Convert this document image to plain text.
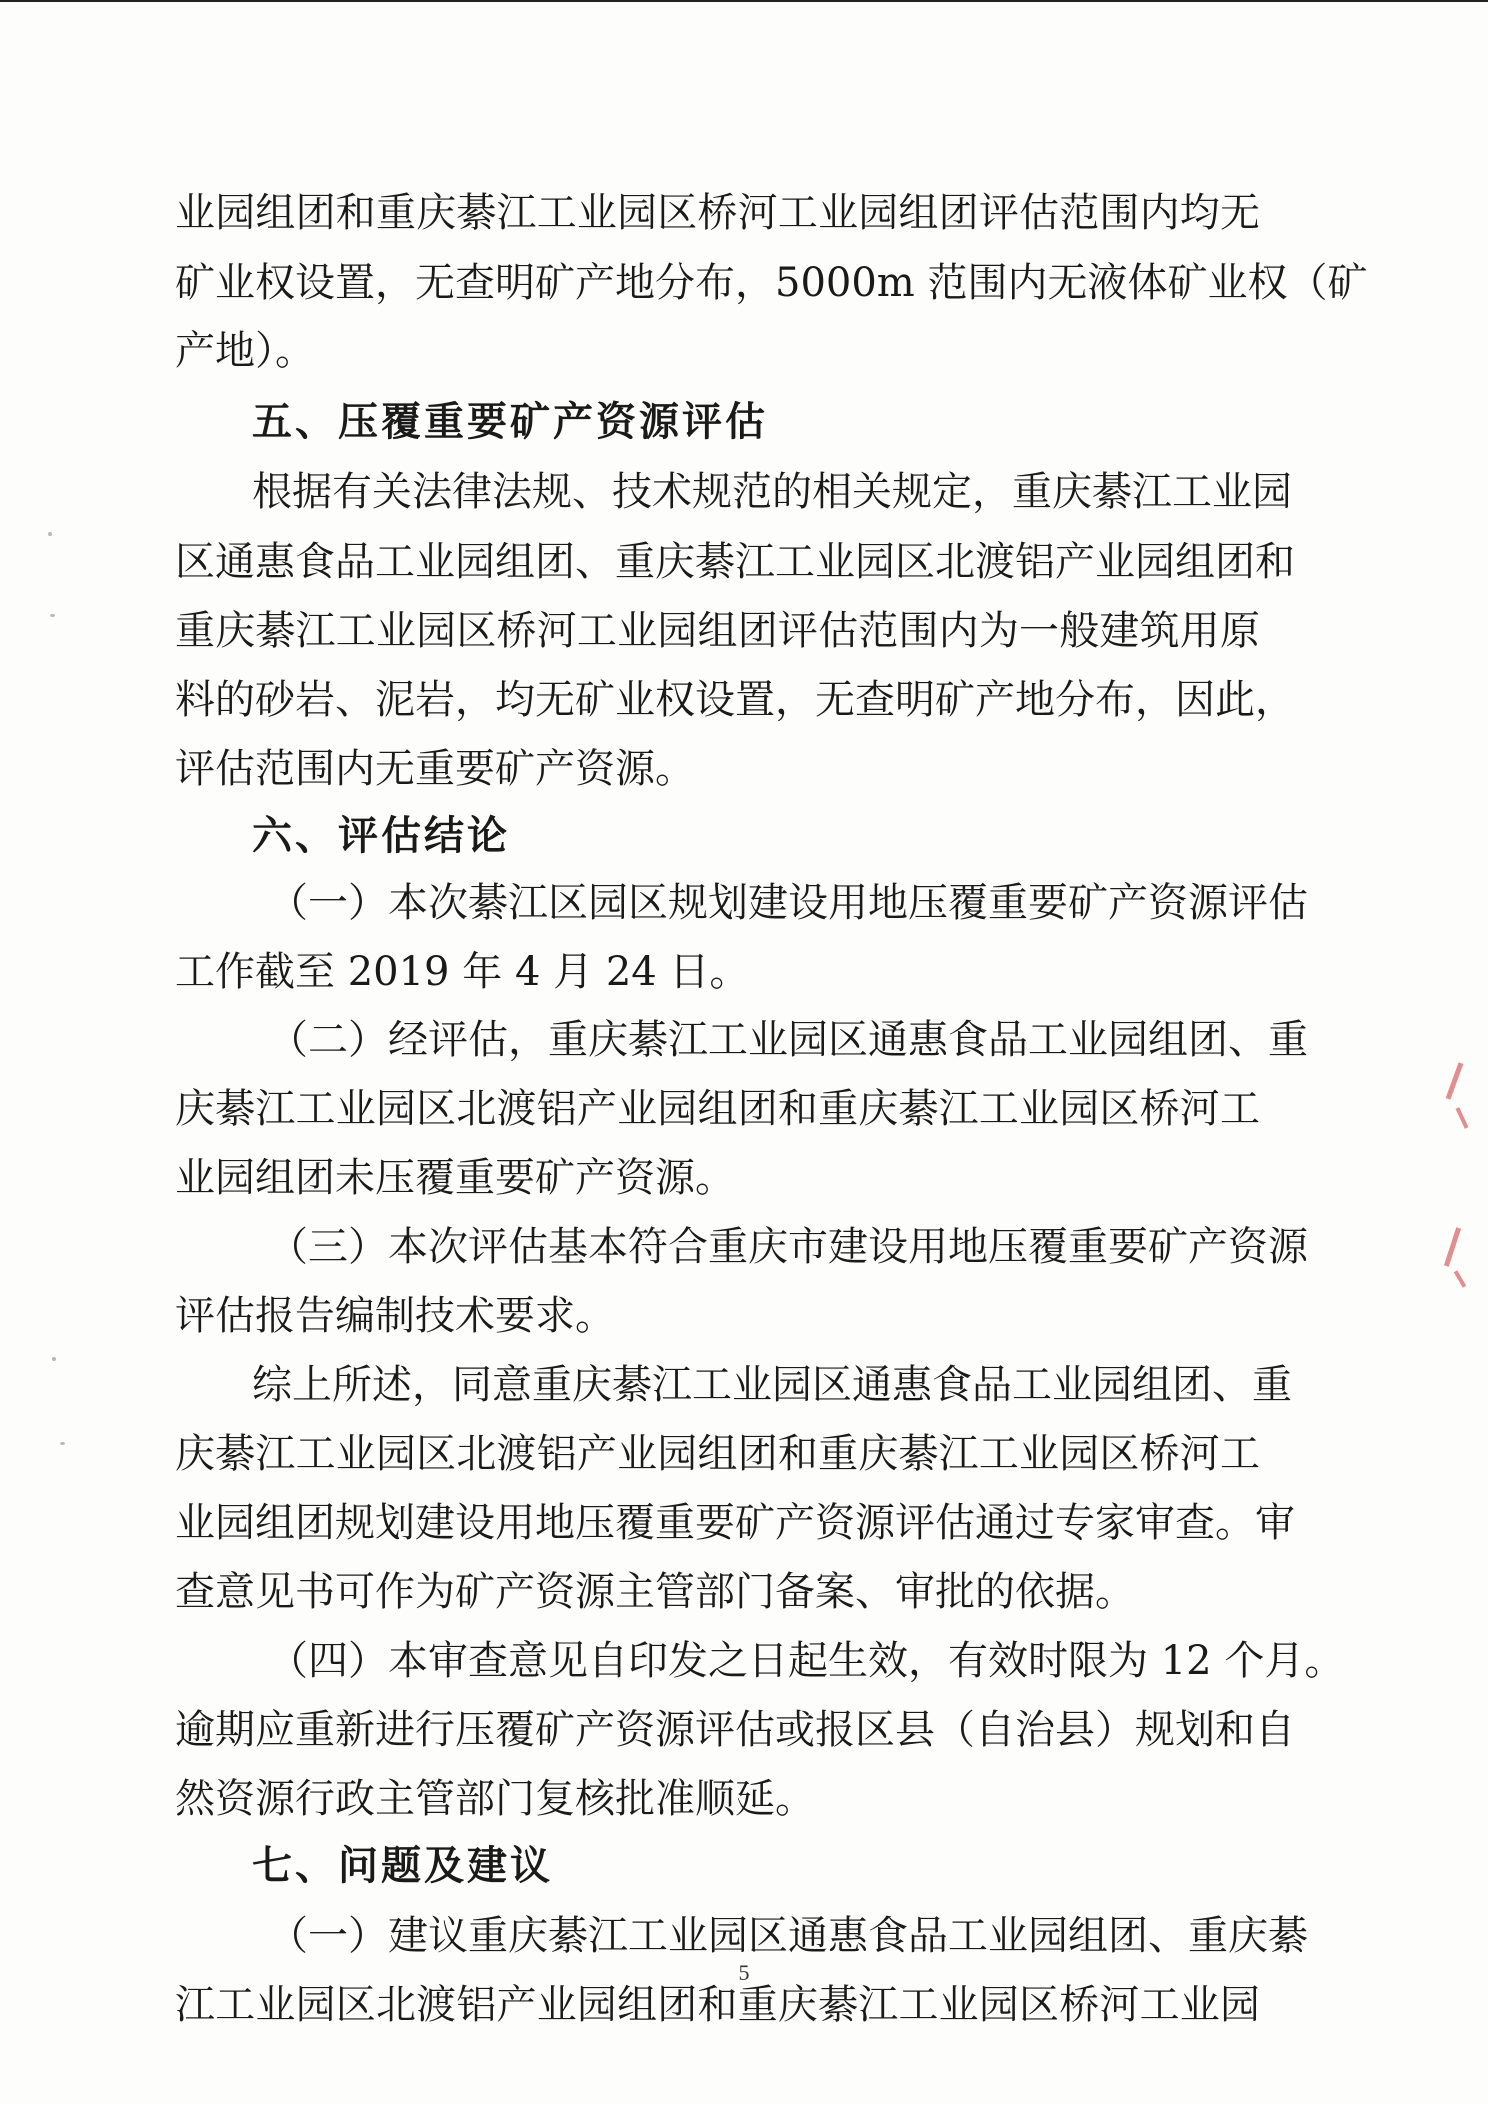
业园组团和重庆綦江工业园区桥河工业园组团评估范围内均无
矿业权设置，无查明矿产地分布，5000m 范围内无液体矿业权（矿
产地）。
五、压覆重要矿产资源评估
根据有关法律法规、技术规范的相关规定，重庆綦江工业园
区通惠食品工业园组团、重庆綦江工业园区北渡铝产业园组团和
重庆綦江工业园区桥河工业园组团评估范围内为一般建筑用原
料的砂岩、泥岩，均无矿业权设置，无查明矿产地分布，因此，
评估范围内无重要矿产资源。
六、评估结论
（一）本次綦江区园区规划建设用地压覆重要矿产资源评估
工作截至 2019 年 4 月 24 日。
（二）经评估，重庆綦江工业园区通惠食品工业园组团、重
庆綦江工业园区北渡铝产业园组团和重庆綦江工业园区桥河工
业园组团未压覆重要矿产资源。
（三）本次评估基本符合重庆市建设用地压覆重要矿产资源
评估报告编制技术要求。
综上所述，同意重庆綦江工业园区通惠食品工业园组团、重
庆綦江工业园区北渡铝产业园组团和重庆綦江工业园区桥河工
业园组团规划建设用地压覆重要矿产资源评估通过专家审查。审
查意见书可作为矿产资源主管部门备案、审批的依据。
（四）本审查意见自印发之日起生效，有效时限为 12 个月。
逾期应重新进行压覆矿产资源评估或报区县（自治县）规划和自
然资源行政主管部门复核批准顺延。
七、问题及建议
（一）建议重庆綦江工业园区通惠食品工业园组团、重庆綦
江工业园区北渡铝产业园组团和重庆綦江工业园区桥河工业园
5
